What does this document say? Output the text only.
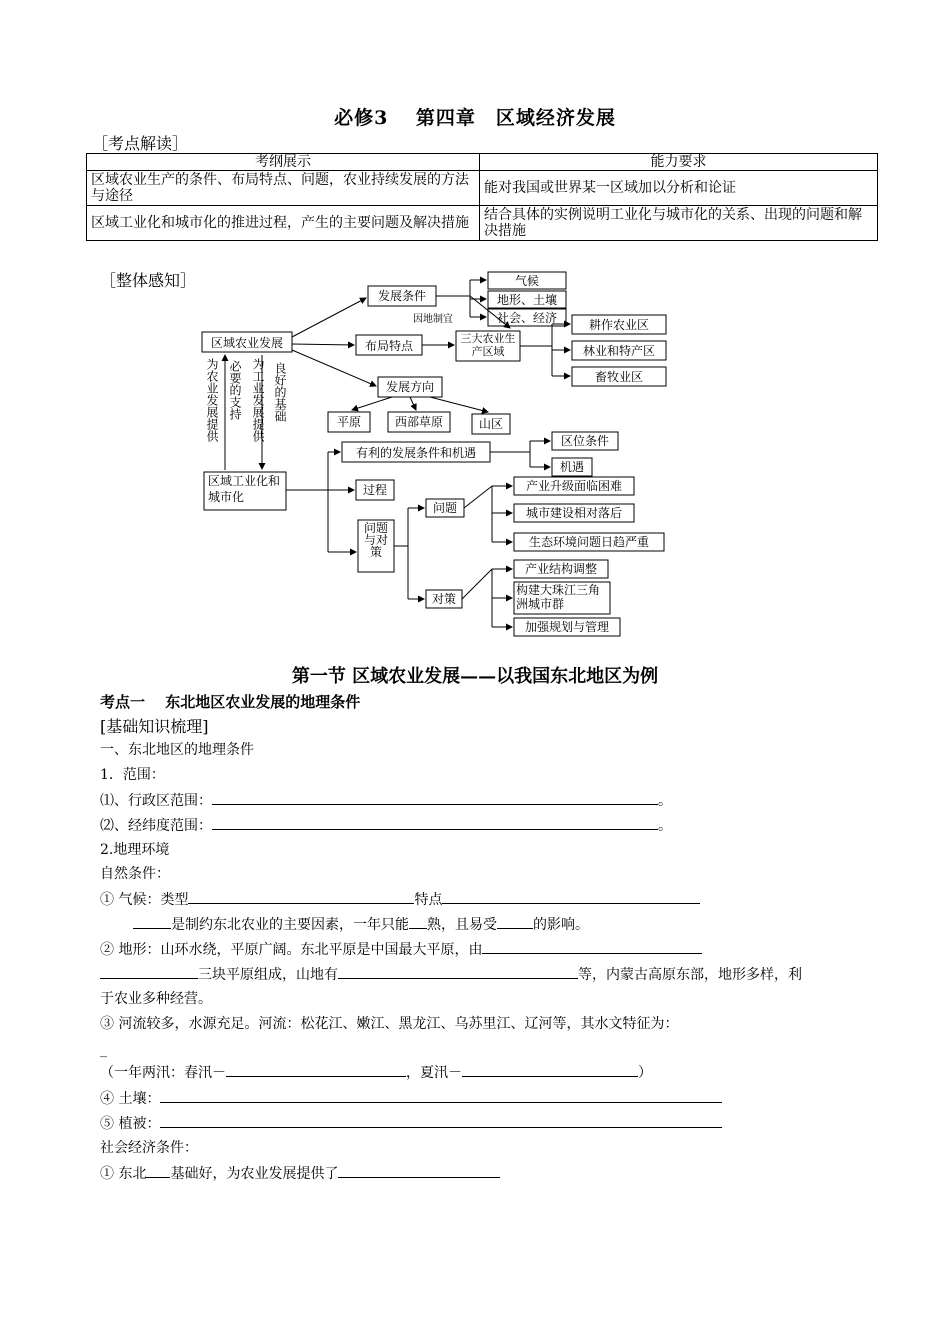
必修3　 第四章　区域经济发展
［考点解读］
考纲展示	能力要求
区域农业生产的条件、布局特点、问题，农业持续发展的方法与途径	能对我国或世界某一区域加以分析和论证
区域工业化和城市化的推进过程，产生的主要问题及解决措施	结合具体的实例说明工业化与城市化的关系、出现的问题和解决措施
［整体感知］
区域农业发展
发展条件
气候
地形、土壤
社会、经济
布局特点
因地制宜
三大农业生产区域
耕作农业区
林业和特产区
畜牧业区
发展方向
平原	西部草原	山区
为农业发展提供 必要的支持 为工业发展提供 良好的基础
区域工业化和城市化
有利的发展条件和机遇
区位条件
机遇
过程
问题与对策
问题
产业升级面临困难
城市建设相对落后
生态环境问题日趋严重
对策
产业结构调整
构建大珠江三角洲城市群
加强规划与管理
第一节 区域农业发展——以我国东北地区为例
考点一　 东北地区农业发展的地理条件
[基础知识梳理]
一、东北地区的地理条件
1．范围：
⑴、行政区范围：	。
⑵、经纬度范围：	。
2.地理环境
自然条件：
① 气候：类型	特点
是制约东北农业的主要因素，一年只能 熟，且易受	的影响。
② 地形：山环水绕，平原广阔。东北平原是中国最大平原，由
三块平原组成，山地有	等，内蒙古高原东部，地形多样，利
于农业多种经营。
③ 河流较多，水源充足。河流：松花江、嫩江、黑龙江、乌苏里江、辽河等，其水文特征为：
_
（一年两汛：春汛－	，夏汛－	）
④ 土壤：
⑤ 植被：
社会经济条件：
① 东北 基础好，为农业发展提供了
